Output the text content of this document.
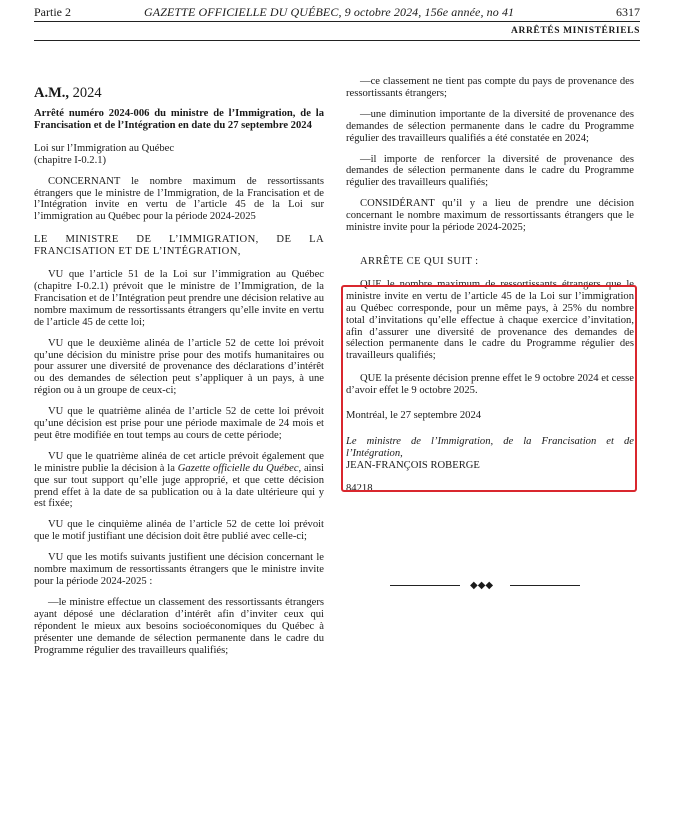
Partie 2	GAZETTE OFFICIELLE DU QUÉBEC, 9 octobre 2024, 156e année, no 41	6317
ARRÊTÉS MINISTÉRIELS

A.M., 2024

Arrêté numéro 2024-006 du ministre de l’Immigration, de la Francisation et de l’Intégration en date du 27 septembre 2024

Loi sur l’Immigration au Québec

(chapitre I-0.2.1)

CONCERNANT le nombre maximum de ressortissants étrangers que le ministre de l’Immigration, de la Francisation et de l’Intégration invite en vertu de l’article 45 de la Loi sur l’immigration au Québec pour la période 2024-2025

LE MINISTRE DE L’IMMIGRATION, DE LA FRANCISATION ET DE L’INTÉGRATION,

VU que l’article 51 de la Loi sur l’immigration au Québec (chapitre I-0.2.1) prévoit que le ministre de l’Immigration, de la Francisation et de l’Intégration peut prendre une décision relative au nombre maximum de ressortissants étrangers qu’elle invite en vertu de l’article 45 de cette loi;

VU que le deuxième alinéa de l’article 52 de cette loi prévoit qu’une décision du ministre prise pour des motifs humanitaires ou pour assurer une diversité de provenance des déclarations d’intérêt ou des demandes de sélection peut s’appliquer à un pays, à une région ou à un groupe de ceux-ci;

VU que le quatrième alinéa de l’article 52 de cette loi prévoit qu’une décision est prise pour une période maximale de 24 mois et peut être modifiée en tout temps au cours de cette période;

VU que le quatrième alinéa de cet article prévoit également que le ministre publie la décision à la Gazette officielle du Québec, ainsi que sur tout support qu’elle juge approprié, et que cette décision prend effet à la date de sa publication ou à la date ultérieure qui y est fixée;

VU que le cinquième alinéa de l’article 52 de cette loi prévoit que le motif justifiant une décision doit être publié avec celle-ci;

VU que les motifs suivants justifient une décision concernant le nombre maximum de ressortissants étrangers que le ministre invite pour la période 2024-2025 :

—le ministre effectue un classement des ressortissants étrangers ayant déposé une déclaration d’intérêt afin d’inviter ceux qui répondent le mieux aux besoins socioéconomiques du Québec à présenter une demande de sélection permanente dans le cadre du Programme régulier des travailleurs qualifiés;

—ce classement ne tient pas compte du pays de provenance des ressortissants étrangers;

—une diminution importante de la diversité de provenance des demandes de sélection permanente dans le cadre du Programme régulier des travailleurs qualifiés a été constatée en 2024;

—il importe de renforcer la diversité de provenance des demandes de sélection permanente dans le cadre du Programme régulier des travailleurs qualifiés;

CONSIDÉRANT qu’il y a lieu de prendre une décision concernant le nombre maximum de ressortissants étrangers que le ministre invite pour la période 2024-2025;

ARRÊTE CE QUI SUIT :

QUE le nombre maximum de ressortissants étrangers que le ministre invite en vertu de l’article 45 de la Loi sur l’immigration au Québec corresponde, pour un même pays, à 25% du nombre total d’invitations qu’elle effectue à chaque exercice d’invitation, afin d’assurer une diversité de provenance des demandes de sélection permanente dans le cadre du Programme régulier des travailleurs qualifiés;

QUE la présente décision prenne effet le 9 octobre 2024 et cesse d’avoir effet le 9 octobre 2025.

Montréal, le 27 septembre 2024

Le ministre de l’Immigration, de la Francisation et de l’Intégration,

JEAN-FRANÇOIS ROBERGE

84218

◆◆◆
